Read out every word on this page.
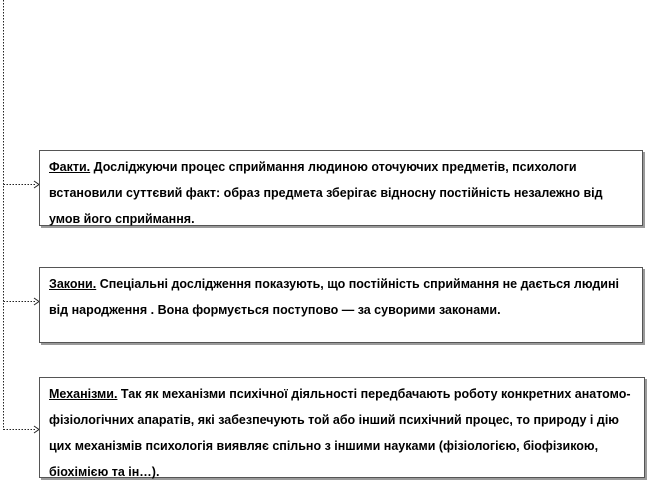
Факти. Досліджуючи процес сприймання людиною оточуючих предметів, психологи встановили суттєвий факт: образ предмета зберігає відносну постійність незалежно від умов його сприймання.
Закони. Спеціальні дослідження показують, що постійність сприймання не дається людині від народження . Вона формується поступово — за суворими законами.
Механізми. Так як механізми психічної діяльності передбачають роботу конкретних анатомо-фізіологічних апаратів, які забезпечують той або інший психічний процес, то природу і дію цих механізмів психологія виявляє спільно з іншими науками (фізіологією, біофізикою, біохімією та ін…).
